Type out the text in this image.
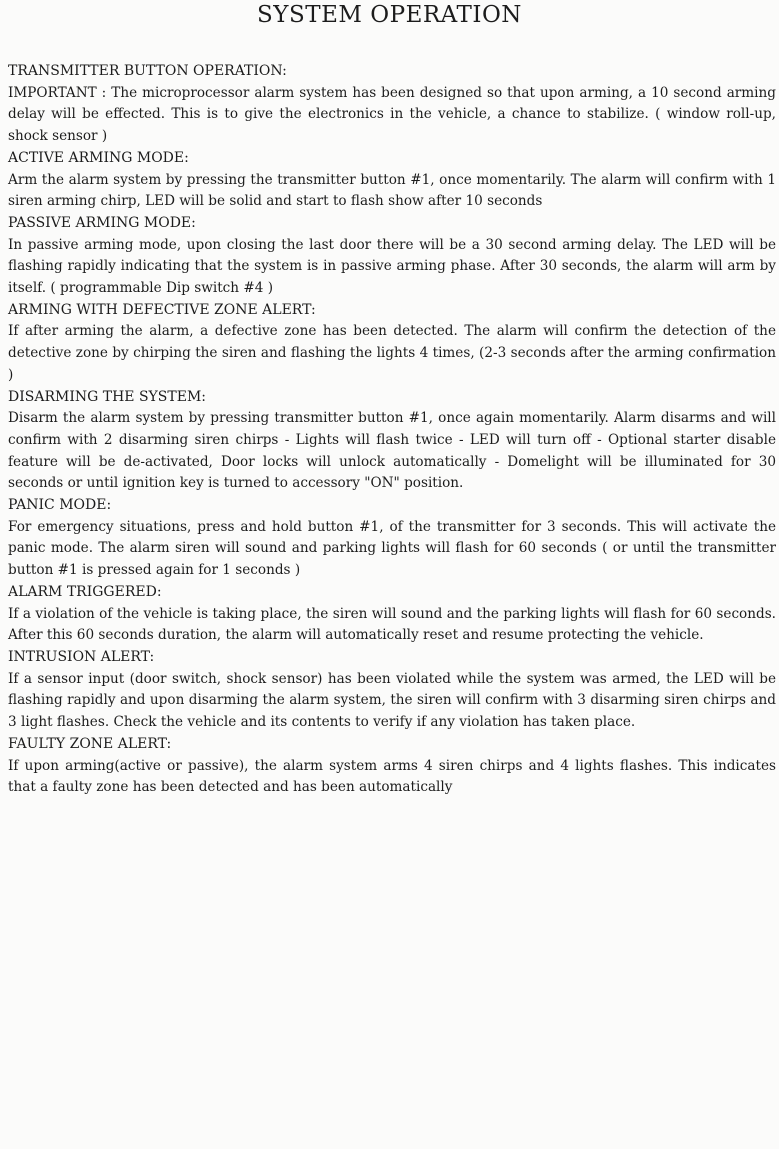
SYSTEM OPERATION

TRANSMITTER BUTTON OPERATION:

IMPORTANT : The microprocessor alarm system has been designed so that upon arming, a 10 second arming delay will be effected. This is to give the electronics in the vehicle, a chance to stabilize. ( window roll-up, shock sensor )

ACTIVE ARMING MODE:

Arm the alarm system by pressing the transmitter button #1, once momentarily. The alarm will confirm with 1 siren arming chirp, LED will be solid and start to flash show after 10 seconds

PASSIVE ARMING MODE:

In passive arming mode, upon closing the last door there will be a 30 second arming delay. The LED will be flashing rapidly indicating that the system is in passive arming phase. After 30 seconds, the alarm will arm by itself. ( programmable Dip switch #4 )

ARMING WITH DEFECTIVE ZONE ALERT:

If after arming the alarm, a defective zone has been detected. The alarm will confirm the detection of the detective zone by chirping the siren and flashing the lights 4 times, (2-3 seconds after the arming confirmation )

DISARMING THE SYSTEM:

Disarm the alarm system by pressing transmitter button #1, once again momentarily. Alarm disarms and will confirm with 2 disarming siren chirps - Lights will flash twice - LED will turn off - Optional starter disable feature will be de-activated, Door locks will unlock automatically - Domelight will be illuminated for 30 seconds or until ignition key is turned to accessory "ON" position.

PANIC MODE:

For emergency situations, press and hold button #1, of the transmitter for 3 seconds. This will activate the panic mode. The alarm siren will sound and parking lights will flash for 60 seconds ( or until the transmitter button #1 is pressed again for 1 seconds )

ALARM TRIGGERED:

If a violation of the vehicle is taking place, the siren will sound and the parking lights will flash for 60 seconds. After this 60 seconds duration, the alarm will automatically reset and resume protecting the vehicle.

INTRUSION ALERT:

If a sensor input (door switch, shock sensor) has been violated while the system was armed, the LED will be flashing rapidly and upon disarming the alarm system, the siren will confirm with 3 disarming siren chirps and 3 light flashes. Check the vehicle and its contents to verify if any violation has taken place.

FAULTY ZONE ALERT:

If upon arming(active or passive), the alarm system arms 4 siren chirps and 4 lights flashes. This indicates that a faulty zone has been detected and has been automatically
